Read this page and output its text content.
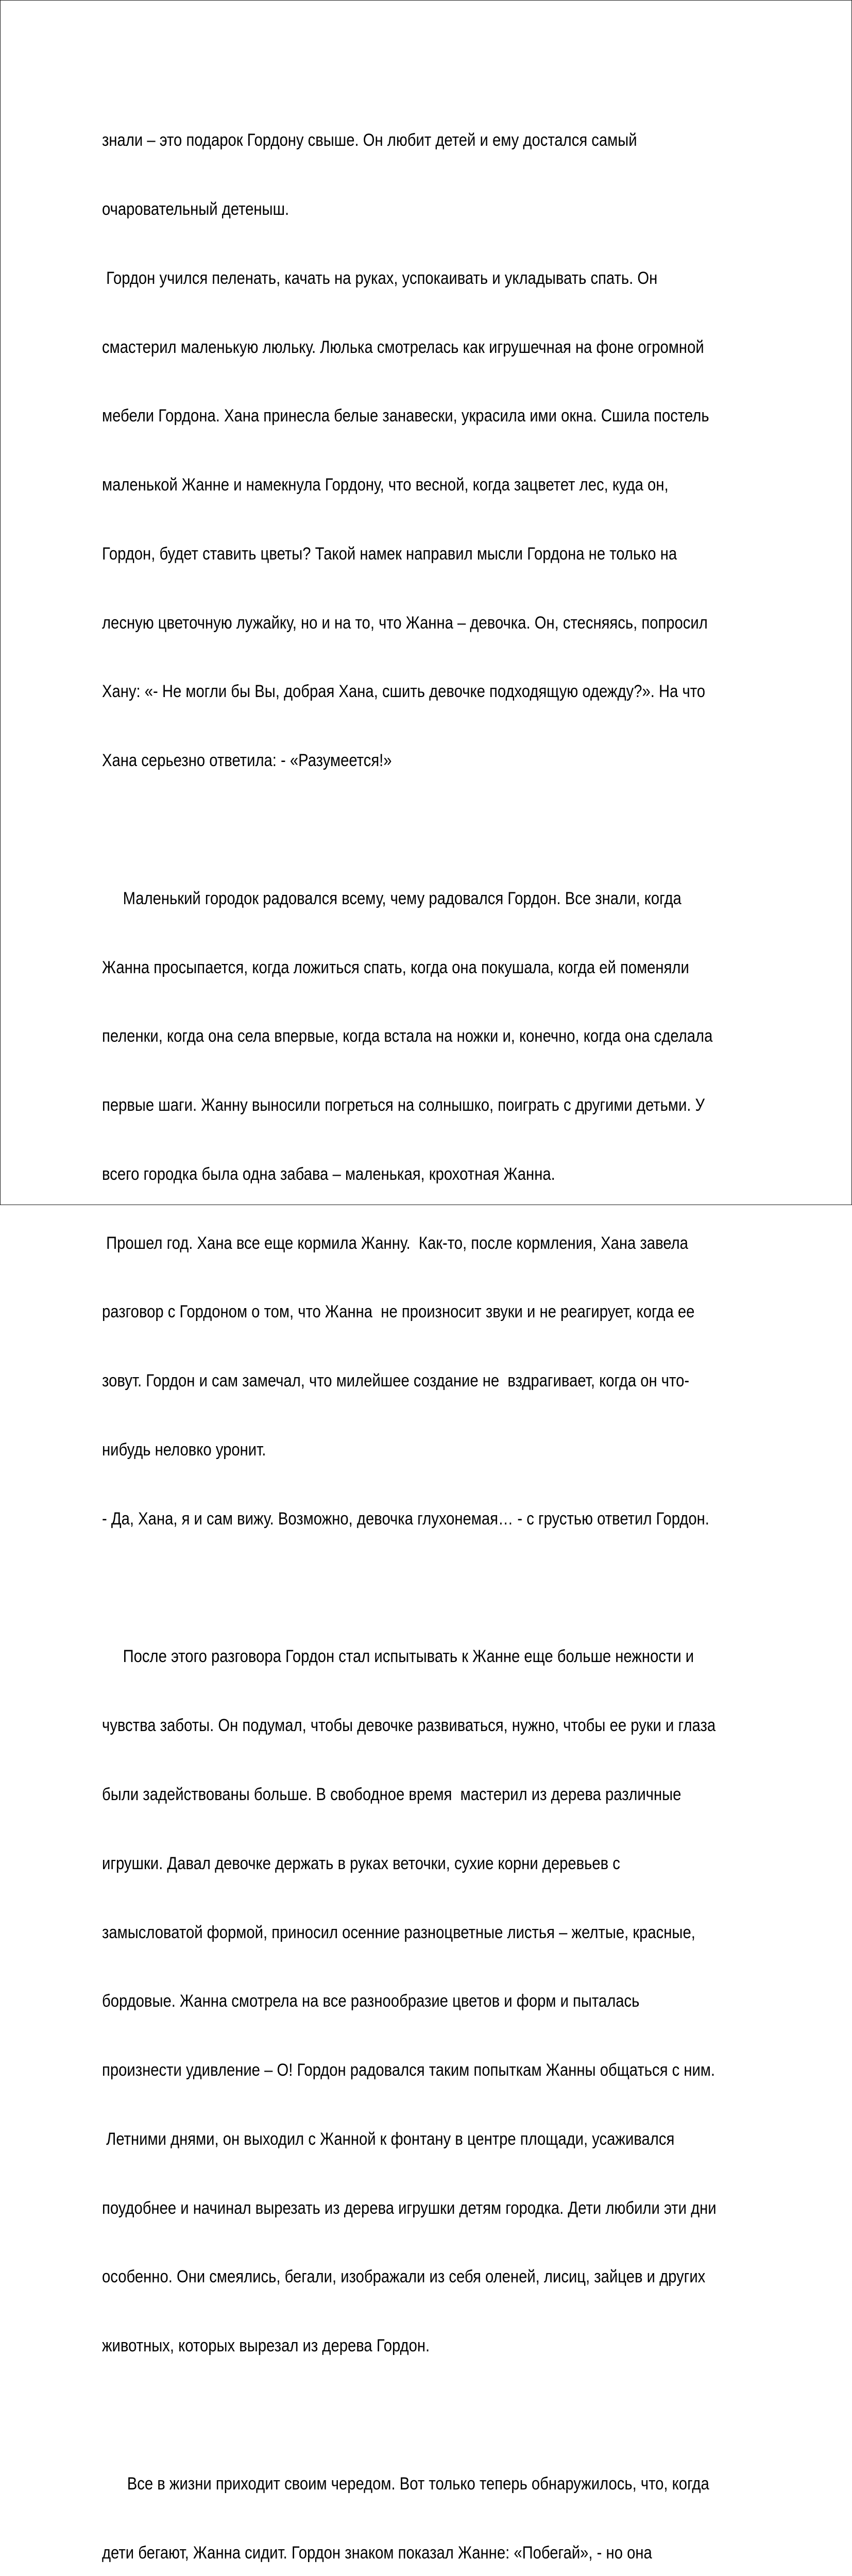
знали – это подарок Гордону свыше. Он любит детей и ему достался самый

очаровательный детеныш.

Гордон учился пеленать, качать на руках, успокаивать и укладывать спать. Он

смастерил маленькую люльку. Люлька смотрелась как игрушечная на фоне огромной

мебели Гордона. Хана принесла белые занавески, украсила ими окна. Сшила постель

маленькой Жанне и намекнула Гордону, что весной, когда зацветет лес, куда он,

Гордон, будет ставить цветы? Такой намек направил мысли Гордона не только на

лесную цветочную лужайку, но и на то, что Жанна – девочка. Он, стесняясь, попросил

Хану: «- Не могли бы Вы, добрая Хана, сшить девочке подходящую одежду?». На что

Хана серьезно ответила: - «Разумеется!»

Маленький городок радовался всему, чему радовался Гордон. Все знали, когда

Жанна просыпается, когда ложиться спать, когда она покушала, когда ей поменяли

пеленки, когда она села впервые, когда встала на ножки и, конечно, когда она сделала

первые шаги. Жанну выносили погреться на солнышко, поиграть с другими детьми. У

всего городка была одна забава – маленькая, крохотная Жанна.

Прошел год. Хана все еще кормила Жанну.  Как-то, после кормления, Хана завела

разговор с Гордоном о том, что Жанна  не произносит звуки и не реагирует, когда ее

зовут. Гордон и сам замечал, что милейшее создание не  вздрагивает, когда он что-

нибудь неловко уронит.

- Да, Хана, я и сам вижу. Возможно, девочка глухонемая… - с грустью ответил Гордон.

После этого разговора Гордон стал испытывать к Жанне еще больше нежности и

чувства заботы. Он подумал, чтобы девочке развиваться, нужно, чтобы ее руки и глаза

были задействованы больше. В свободное время  мастерил из дерева различные

игрушки. Давал девочке держать в руках веточки, сухие корни деревьев с

замысловатой формой, приносил осенние разноцветные листья – желтые, красные,

бордовые. Жанна смотрела на все разнообразие цветов и форм и пыталась

произнести удивление – О! Гордон радовался таким попыткам Жанны общаться с ним.

Летними днями, он выходил с Жанной к фонтану в центре площади, усаживался

поудобнее и начинал вырезать из дерева игрушки детям городка. Дети любили эти дни

особенно. Они смеялись, бегали, изображали из себя оленей, лисиц, зайцев и других

животных, которых вырезал из дерева Гордон.

Все в жизни приходит своим чередом. Вот только теперь обнаружилось, что, когда

дети бегают, Жанна сидит. Гордон знаком показал Жанне: «Побегай», - но она
